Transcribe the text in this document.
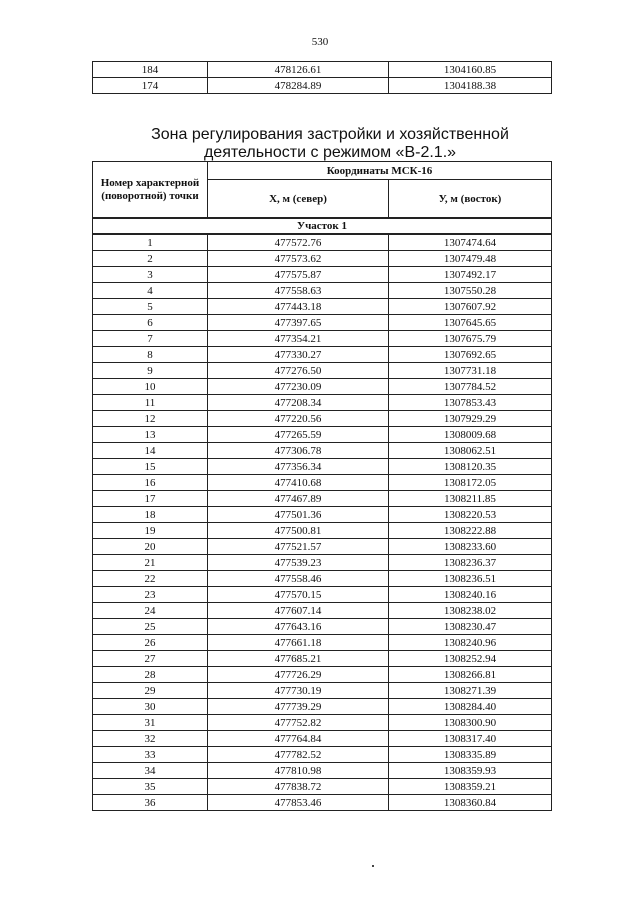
530
184	478126.61	1304160.85
174	478284.89	1304188.38
Зона регулирования застройки и хозяйственной деятельности с режимом «В-2.1.»
Номер характерной (поворотной) точки	Координаты МСК-16	
	Х, м (север)	У, м (восток)
Участок 1		
1	477572.76	1307474.64
2	477573.62	1307479.48
3	477575.87	1307492.17
4	477558.63	1307550.28
5	477443.18	1307607.92
6	477397.65	1307645.65
7	477354.21	1307675.79
8	477330.27	1307692.65
9	477276.50	1307731.18
10	477230.09	1307784.52
11	477208.34	1307853.43
12	477220.56	1307929.29
13	477265.59	1308009.68
14	477306.78	1308062.51
15	477356.34	1308120.35
16	477410.68	1308172.05
17	477467.89	1308211.85
18	477501.36	1308220.53
19	477500.81	1308222.88
20	477521.57	1308233.60
21	477539.23	1308236.37
22	477558.46	1308236.51
23	477570.15	1308240.16
24	477607.14	1308238.02
25	477643.16	1308230.47
26	477661.18	1308240.96
27	477685.21	1308252.94
28	477726.29	1308266.81
29	477730.19	1308271.39
30	477739.29	1308284.40
31	477752.82	1308300.90
32	477764.84	1308317.40
33	477782.52	1308335.89
34	477810.98	1308359.93
35	477838.72	1308359.21
36	477853.46	1308360.84
